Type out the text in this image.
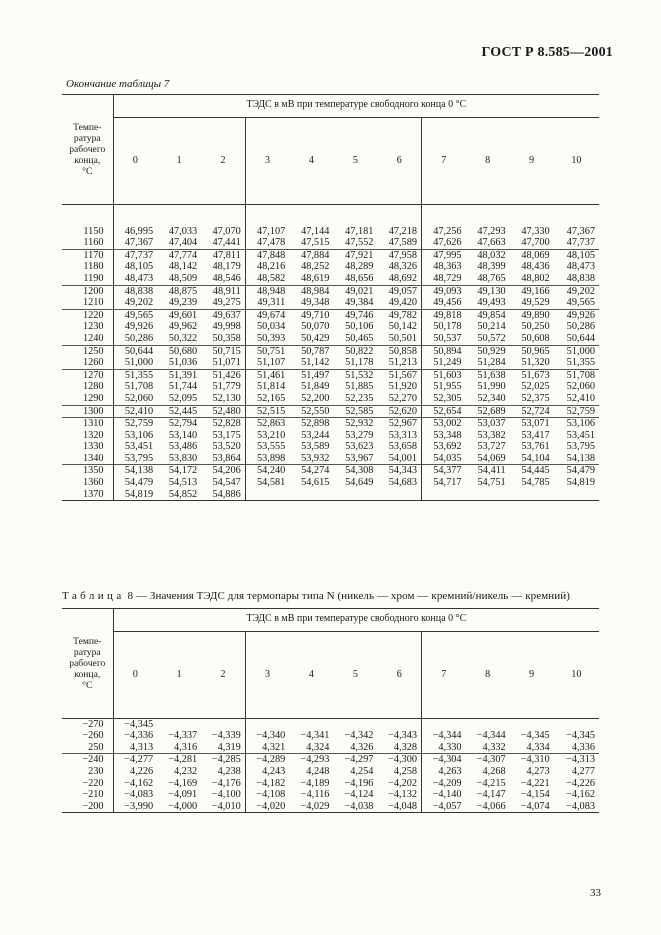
ГОСТ Р 8.585—2001
Окончание таблицы 7
Темпе-
ратура
рабочего
конца,
°С	ТЭДС в мВ при температуре свободного конца 0 °С										
	0	1	2	3	4	5	6	7	8	9	10

1150	46,995	47,033	47,070	47,107	47,144	47,181	47,218	47,256	47,293	47,330	47,367
1160	47,367	47,404	47,441	47,478	47,515	47,552	47,589	47,626	47,663	47,700	47,737
1170	47,737	47,774	47,811	47,848	47,884	47,921	47,958	47,995	48,032	48,069	48,105
1180	48,105	48,142	48,179	48,216	48,252	48,289	48,326	48,363	48,399	48,436	48,473
1190	48,473	48,509	48,546	48,582	48,619	48,656	48,692	48,729	48,765	48,802	48,838
1200	48,838	48,875	48,911	48,948	48,984	49,021	49,057	49,093	49,130	49,166	49,202
1210	49,202	49,239	49,275	49,311	49,348	49,384	49,420	49,456	49,493	49,529	49,565
1220	49,565	49,601	49,637	49,674	49,710	49,746	49,782	49,818	49,854	49,890	49,926
1230	49,926	49,962	49,998	50,034	50,070	50,106	50,142	50,178	50,214	50,250	50,286
1240	50,286	50,322	50,358	50,393	50,429	50,465	50,501	50,537	50,572	50,608	50,644
1250	50,644	50,680	50,715	50,751	50,787	50,822	50,858	50,894	50,929	50,965	51,000
1260	51,000	51,036	51,071	51,107	51,142	51,178	51,213	51,249	51,284	51,320	51,355
1270	51,355	51,391	51,426	51,461	51,497	51,532	51,567	51,603	51,638	51,673	51,708
1280	51,708	51,744	51,779	51,814	51,849	51,885	51,920	51,955	51,990	52,025	52,060
1290	52,060	52,095	52,130	52,165	52,200	52,235	52,270	52,305	52,340	52,375	52,410
1300	52,410	52,445	52,480	52,515	52,550	52,585	52,620	52,654	52,689	52,724	52,759
1310	52,759	52,794	52,828	52,863	52,898	52,932	52,967	53,002	53,037	53,071	53,106
1320	53,106	53,140	53,175	53,210	53,244	53,279	53,313	53,348	53,382	53,417	53,451
1330	53,451	53,486	53,520	53,555	53,589	53,623	53,658	53,692	53,727	53,761	53,795
1340	53,795	53,830	53,864	53,898	53,932	53,967	54,001	54,035	54,069	54,104	54,138
1350	54,138	54,172	54,206	54,240	54,274	54,308	54,343	54,377	54,411	54,445	54,479
1360	54,479	54,513	54,547	54,581	54,615	54,649	54,683	54,717	54,751	54,785	54,819
1370	54,819	54,852	54,886								
Таблица 8 — Значения ТЭДС для термопары типа N (никель — хром — кремний/никель — кремний)
Темпе-
ратура
рабочего
конца,
°С	ТЭДС в мВ при температуре свободного конца 0 °С										
	0	1	2	3	4	5	6	7	8	9	10
−270	−4,345										
−260	−4,336	−4,337	−4,339	−4,340	−4,341	−4,342	−4,343	−4,344	−4,344	−4,345	−4,345
250	4,313	4,316	4,319	4,321	4,324	4,326	4,328	4,330	4,332	4,334	4,336
−240	−4,277	−4,281	−4,285	−4,289	−4,293	−4,297	−4,300	−4,304	−4,307	−4,310	−4,313
230	4,226	4,232	4,238	4,243	4,248	4,254	4,258	4,263	4,268	4,273	4,277
−220	−4,162	−4,169	−4,176	−4,182	−4,189	−4,196	−4,202	−4,209	−4,215	−4,221	−4,226
−210	−4,083	−4,091	−4,100	−4,108	−4,116	−4,124	−4,132	−4,140	−4,147	−4,154	−4,162
−200	−3,990	−4,000	−4,010	−4,020	−4,029	−4,038	−4,048	−4,057	−4,066	−4,074	−4,083
33
